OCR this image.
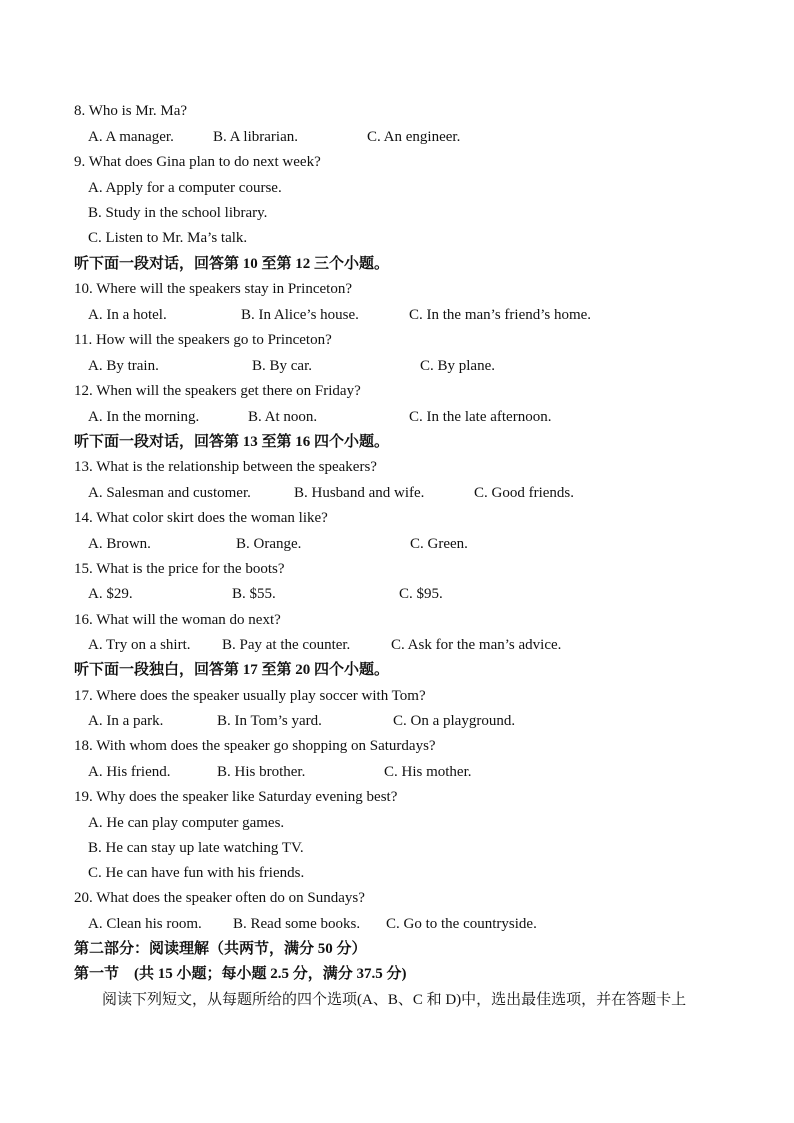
8. Who is Mr. Ma?
A. A manager.	B. A librarian.	C. An engineer.
9. What does Gina plan to do next week?
A. Apply for a computer course.
B. Study in the school library.
C. Listen to Mr. Ma’s talk.
听下面一段对话，回答第 10 至第 12 三个小题。
10. Where will the speakers stay in Princeton?
A. In a hotel.	B. In Alice’s house.	C. In the man’s friend’s home.
11. How will the speakers go to Princeton?
A. By train.	B. By car.	C. By plane.
12. When will the speakers get there on Friday?
A. In the morning.	B. At noon.	C. In the late afternoon.
听下面一段对话，回答第 13 至第 16 四个小题。
13. What is the relationship between the speakers?
A. Salesman and customer.	B. Husband and wife.	C. Good friends.
14. What color skirt does the woman like?
A. Brown.	B. Orange.	C. Green.
15. What is the price for the boots?
A. $29.	B. $55.	C. $95.
16. What will the woman do next?
A. Try on a shirt. B. Pay at the counter.	C. Ask for the man’s advice.
听下面一段独白，回答第 17 至第 20 四个小题。
17. Where does the speaker usually play soccer with Tom?
A. In a park.	B. In Tom’s yard.	C. On a playground.
18. With whom does the speaker go shopping on Saturdays?
A. His friend.	B. His brother.	C. His mother.
19. Why does the speaker like Saturday evening best?
A. He can play computer games.
B. He can stay up late watching TV.
C. He can have fun with his friends.
20. What does the speaker often do on Sundays?
A. Clean his room. B. Read some books. C. Go to the countryside.
第二部分：阅读理解（共两节，满分 50 分）
第一节　(共 15 小题；每小题 2.5 分，满分 37.5 分)
阅读下列短文，从每题所给的四个选项(A、B、C 和 D)中，选出最佳选项，并在答题卡上
